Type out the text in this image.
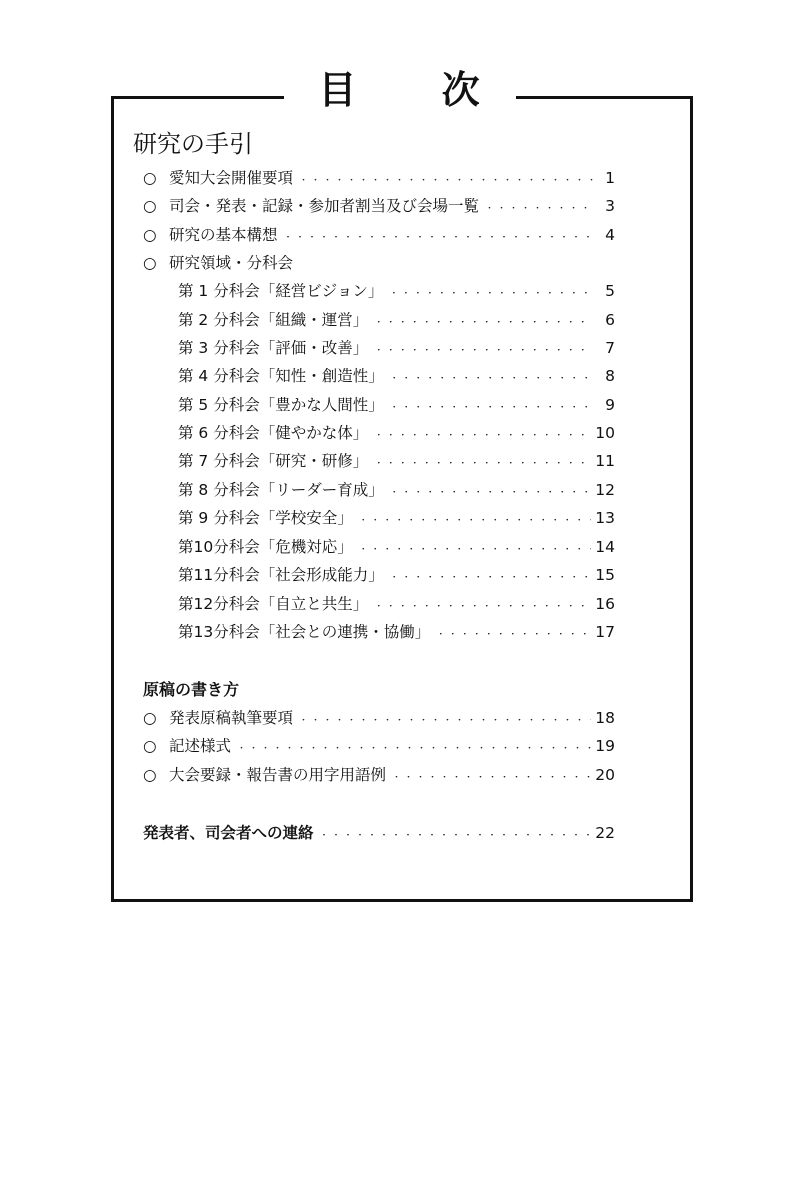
目 次
研究の手引
○ 愛知大会開催要項 ・・・・・・・・・・・・・・・・・・・・・・・・・・・・・・・・・・・・・・・・・・・・・・・・・・・・・	1
○ 司会・発表・記録・参加者割当及び会場一覧 ・・・・・・・・・・・・・・・・・・・・・・・・・・・・・・・・・・・・・・・・・・・・・・・・・・・・・	3
○ 研究の基本構想 ・・・・・・・・・・・・・・・・・・・・・・・・・・・・・・・・・・・・・・・・・・・・・・・・・・・・・	4
○ 研究領域・分科会
第 1 分科会「経営ビジョン」 ・・・・・・・・・・・・・・・・・・・・・・・・・・・・・・・・・・・・・・・・・・・・・・・・・・・・・	5
第 2 分科会「組織・運営」 ・・・・・・・・・・・・・・・・・・・・・・・・・・・・・・・・・・・・・・・・・・・・・・・・・・・・・	6
第 3 分科会「評価・改善」 ・・・・・・・・・・・・・・・・・・・・・・・・・・・・・・・・・・・・・・・・・・・・・・・・・・・・・	7
第 4 分科会「知性・創造性」 ・・・・・・・・・・・・・・・・・・・・・・・・・・・・・・・・・・・・・・・・・・・・・・・・・・・・・	8
第 5 分科会「豊かな人間性」 ・・・・・・・・・・・・・・・・・・・・・・・・・・・・・・・・・・・・・・・・・・・・・・・・・・・・・	9
第 6 分科会「健やかな体」 ・・・・・・・・・・・・・・・・・・・・・・・・・・・・・・・・・・・・・・・・・・・・・・・・・・・・・	10
第 7 分科会「研究・研修」 ・・・・・・・・・・・・・・・・・・・・・・・・・・・・・・・・・・・・・・・・・・・・・・・・・・・・・	11
第 8 分科会「リーダー育成」 ・・・・・・・・・・・・・・・・・・・・・・・・・・・・・・・・・・・・・・・・・・・・・・・・・・・・・	12
第 9 分科会「学校安全」 ・・・・・・・・・・・・・・・・・・・・・・・・・・・・・・・・・・・・・・・・・・・・・・・・・・・・・	13
第10分科会「危機対応」 ・・・・・・・・・・・・・・・・・・・・・・・・・・・・・・・・・・・・・・・・・・・・・・・・・・・・・	14
第11分科会「社会形成能力」 ・・・・・・・・・・・・・・・・・・・・・・・・・・・・・・・・・・・・・・・・・・・・・・・・・・・・・	15
第12分科会「自立と共生」 ・・・・・・・・・・・・・・・・・・・・・・・・・・・・・・・・・・・・・・・・・・・・・・・・・・・・・	16
第13分科会「社会との連携・協働」 ・・・・・・・・・・・・・・・・・・・・・・・・・・・・・・・・・・・・・・・・・・・・・・・・・・・・・	17
原稿の書き方
○ 発表原稿執筆要項 ・・・・・・・・・・・・・・・・・・・・・・・・・・・・・・・・・・・・・・・・・・・・・・・・・・・・・	18
○ 記述様式 ・・・・・・・・・・・・・・・・・・・・・・・・・・・・・・・・・・・・・・・・・・・・・・・・・・・・・	19
○ 大会要録・報告書の用字用語例 ・・・・・・・・・・・・・・・・・・・・・・・・・・・・・・・・・・・・・・・・・・・・・・・・・・・・・	20
発表者、司会者への連絡 ・・・・・・・・・・・・・・・・・・・・・・・・・・・・・・・・・・・・・・・・・・・・・・・・・・・・・	22
